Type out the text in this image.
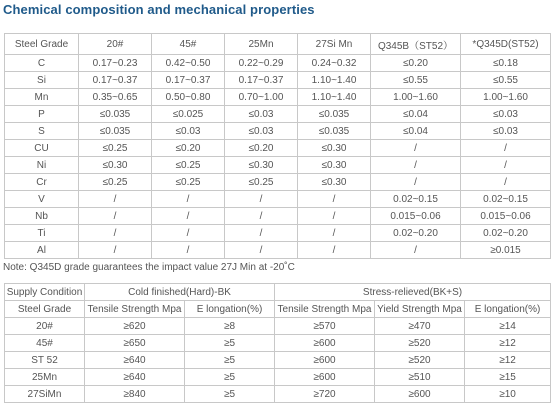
Chemical composition and mechanical properties
Steel Grade	20#	45#	25Mn	27Si Mn	Q345B（ST52）	*Q345D(ST52)
C	0.17~0.23	0.42~0.50	0.22~0.29	0.24~0.32	≤0.20	≤0.18
Si	0.17~0.37	0.17~0.37	0.17~0.37	1.10~1.40	≤0.55	≤0.55
Mn	0.35~0.65	0.50~0.80	0.70~1.00	1.10~1.40	1.00~1.60	1.00~1.60
P	≤0.035	≤0.025	≤0.03	≤0.035	≤0.04	≤0.03
S	≤0.035	≤0.03	≤0.03	≤0.035	≤0.04	≤0.03
CU	≤0.25	≤0.20	≤0.20	≤0.30	/	/
Ni	≤0.30	≤0.25	≤0.30	≤0.30	/	/
Cr	≤0.25	≤0.25	≤0.25	≤0.30	/	/
V	/	/	/	/	0.02~0.15	0.02~0.15
Nb	/	/	/	/	0.015~0.06	0.015~0.06
Ti	/	/	/	/	0.02~0.20	0.02~0.20
Al	/	/	/	/	/	≥0.015
Note: Q345D grade guarantees the impact value 27J Min at -20˚C
Supply Condition	Cold finished(Hard)-BK		Stress-relieved(BK+S)		
Steel Grade	Tensile Strength Mpa	E longation(%)	Tensile Strength Mpa	Yield Strength Mpa	E longation(%)
20#	≥620	≥8	≥570	≥470	≥14
45#	≥650	≥5	≥600	≥520	≥12
ST 52	≥640	≥5	≥600	≥520	≥12
25Mn	≥640	≥5	≥600	≥510	≥15
27SiMn	≥840	≥5	≥720	≥600	≥10
